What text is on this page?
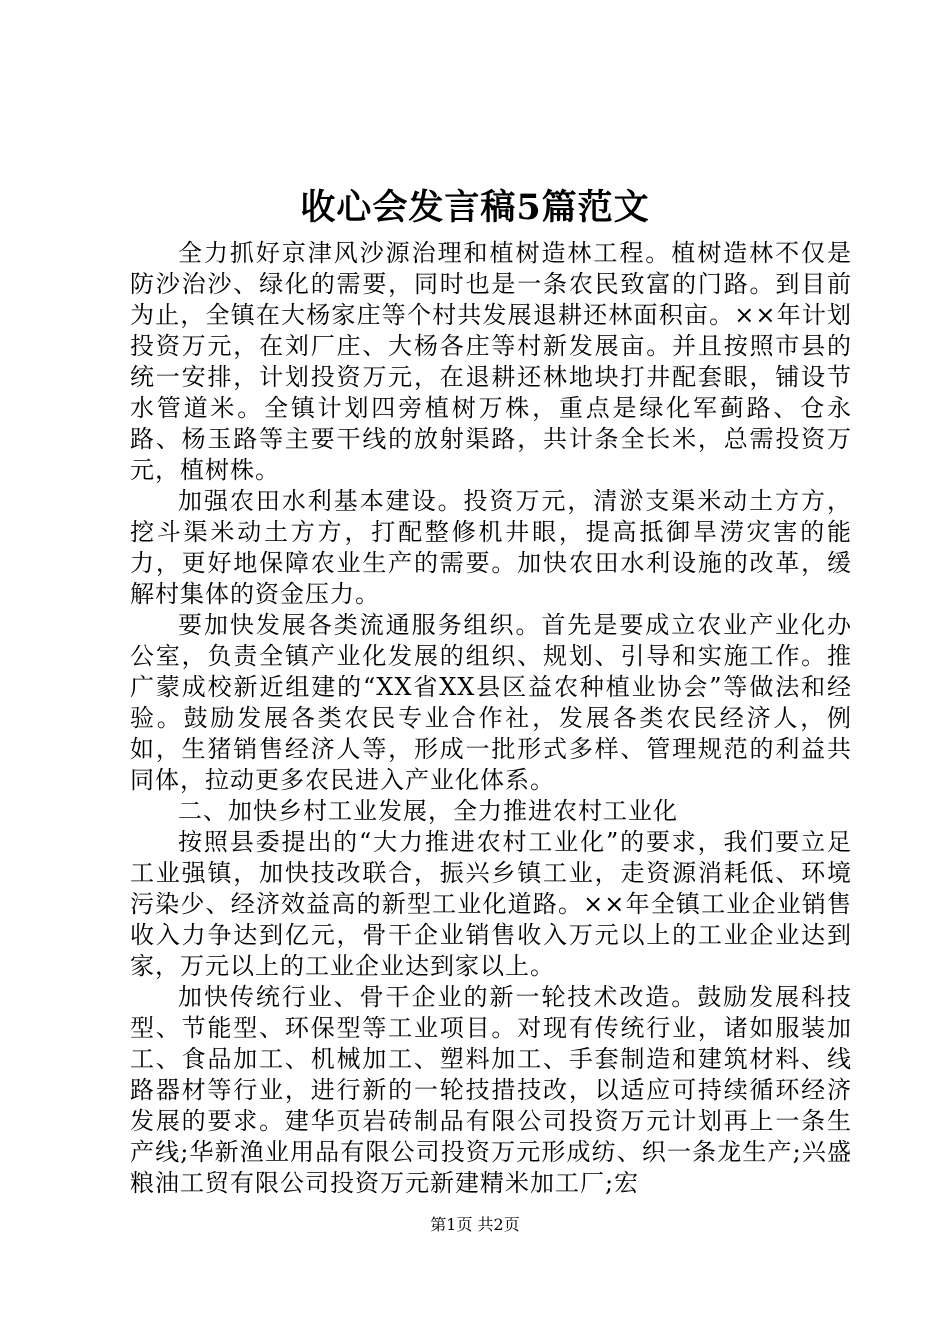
收心会发言稿5篇范文

全力抓好京津风沙源治理和植树造林工程。植树造林不仅是防沙治沙、绿化的需要，同时也是一条农民致富的门路。到目前为止，全镇在大杨家庄等个村共发展退耕还林面积亩。××年计划投资万元，在刘厂庄、大杨各庄等村新发展亩。并且按照市县的统一安排，计划投资万元，在退耕还林地块打井配套眼，铺设节水管道米。全镇计划四旁植树万株，重点是绿化军蓟路、仓永路、杨玉路等主要干线的放射渠路，共计条全长米，总需投资万元，植树株。

加强农田水利基本建设。投资万元，清淤支渠米动土方方，挖斗渠米动土方方，打配整修机井眼，提高抵御旱涝灾害的能力，更好地保障农业生产的需要。加快农田水利设施的改革，缓解村集体的资金压力。

要加快发展各类流通服务组织。首先是要成立农业产业化办公室，负责全镇产业化发展的组织、规划、引导和实施工作。推广蒙成校新近组建的“XX省XX县区益农种植业协会”等做法和经验。鼓励发展各类农民专业合作社，发展各类农民经济人，例如，生猪销售经济人等，形成一批形式多样、管理规范的利益共同体，拉动更多农民进入产业化体系。

二、加快乡村工业发展，全力推进农村工业化

按照县委提出的“大力推进农村工业化”的要求，我们要立足工业强镇，加快技改联合，振兴乡镇工业，走资源消耗低、环境污染少、经济效益高的新型工业化道路。××年全镇工业企业销售收入力争达到亿元，骨干企业销售收入万元以上的工业企业达到家，万元以上的工业企业达到家以上。

加快传统行业、骨干企业的新一轮技术改造。鼓励发展科技型、节能型、环保型等工业项目。对现有传统行业，诸如服装加工、食品加工、机械加工、塑料加工、手套制造和建筑材料、线路器材等行业，进行新的一轮技措技改，以适应可持续循环经济发展的要求。建华页岩砖制品有限公司投资万元计划再上一条生产线;华新渔业用品有限公司投资万元形成纺、织一条龙生产;兴盛粮油工贸有限公司投资万元新建精米加工厂;宏

第1页 共2页
